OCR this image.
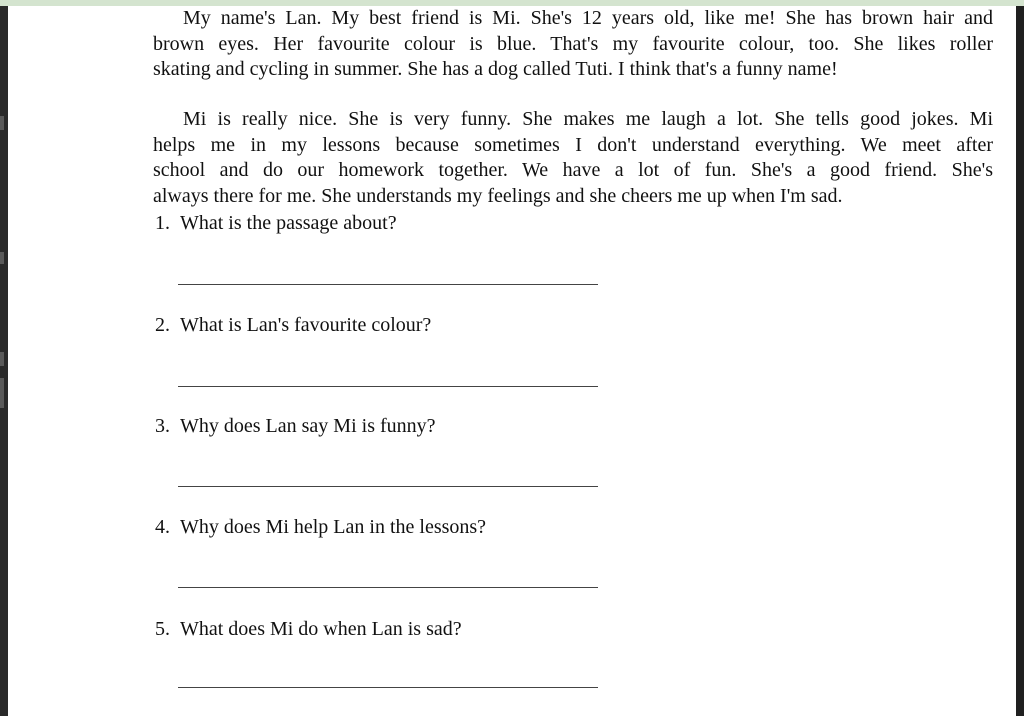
My name's Lan. My best friend is Mi. She's 12 years old, like me! She has brown hair and
brown eyes. Her favourite colour is blue. That's my favourite colour, too. She likes roller
skating and cycling in summer. She has a dog called Tuti. I think that's a funny name!
Mi is really nice. She is very funny. She makes me laugh a lot. She tells good jokes. Mi
helps me in my lessons because sometimes I don't understand everything. We meet after
school and do our homework together. We have a lot of fun. She's a good friend. She's
always there for me. She understands my feelings and she cheers me up when I'm sad.
1. What is the passage about?
2. What is Lan's favourite colour?
3. Why does Lan say Mi is funny?
4. Why does Mi help Lan in the lessons?
5. What does Mi do when Lan is sad?
